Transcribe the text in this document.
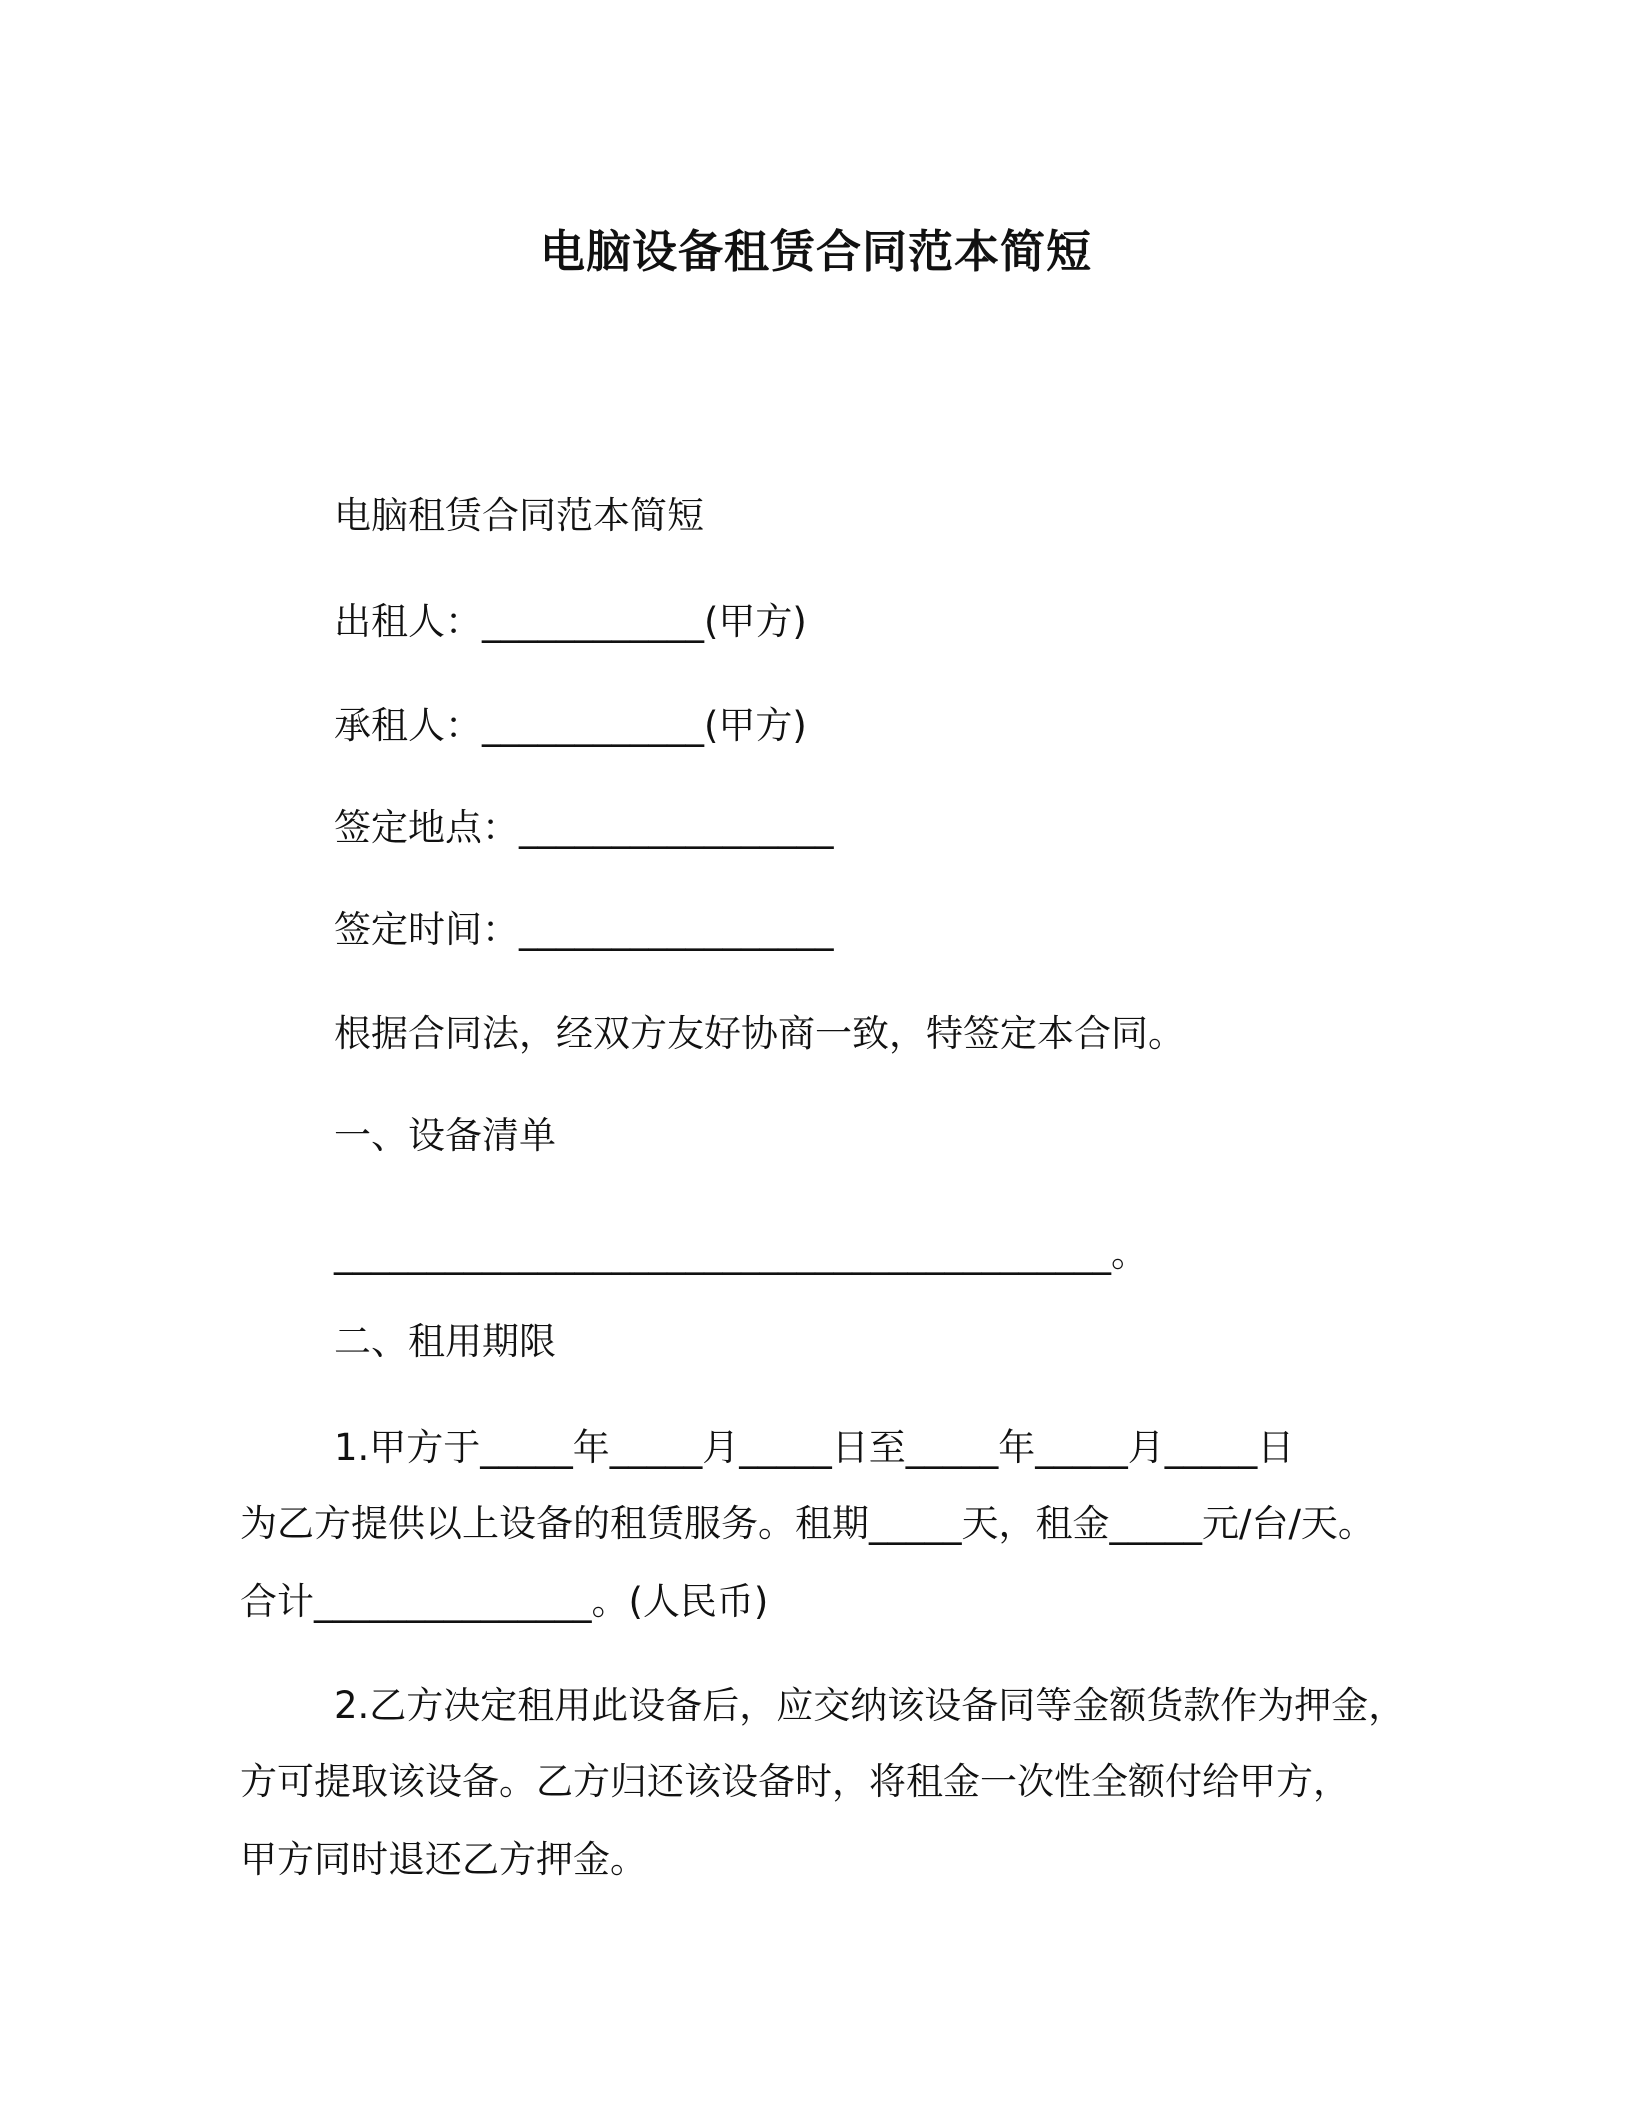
电脑设备租赁合同范本简短
电脑租赁合同范本简短
出租人：____________(甲方)
承租人：____________(甲方)
签定地点：_________________
签定时间：_________________
根据合同法，经双方友好协商一致，特签定本合同。
一、设备清单
__________________________________________。
二、租用期限
1.甲方于_____年_____月_____日至_____年_____月_____日
为乙方提供以上设备的租赁服务。租期_____天，租金_____元/台/天。
合计_______________。(人民币)
2.乙方决定租用此设备后，应交纳该设备同等金额货款作为押金，
方可提取该设备。乙方归还该设备时，将租金一次性全额付给甲方，
甲方同时退还乙方押金。
